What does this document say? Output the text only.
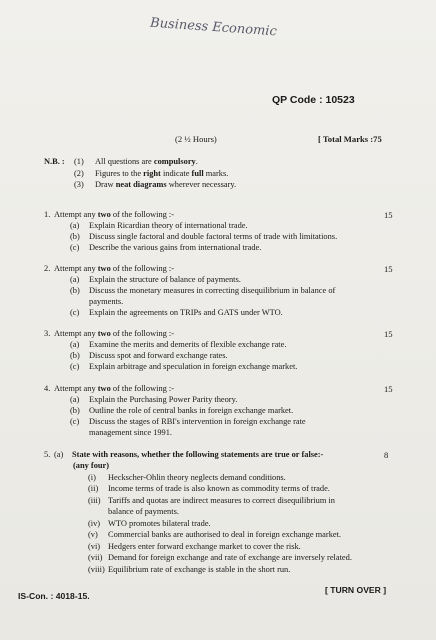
Business Economic
QP Code : 10523
(2 ½ Hours)	[ Total Marks :75
N.B. : (1) All questions are compulsory.
(2) Figures to the right indicate full marks.
(3) Draw neat diagrams wherever necessary.
1. Attempt any two of the following :-	15
(a) Explain Ricardian theory of international trade.
(b) Discuss single factoral and double factoral terms of trade with limitations.
(c) Describe the various gains from international trade.
2. Attempt any two of the following :-	15
(a) Explain the structure of balance of payments.
(b) Discuss the monetary measures in correcting disequilibrium in balance of
payments.
(c) Explain the agreements on TRIPs and GATS under WTO.
3. Attempt any two of the following :-	15
(a) Examine the merits and demerits of flexible exchange rate.
(b) Discuss spot and forward exchange rates.
(c) Explain arbitrage and speculation in foreign exchange market.
4. Attempt any two of the following :-	15
(a) Explain the Purchasing Power Parity theory.
(b) Outline the role of central banks in foreign exchange market.
(c) Discuss the stages of RBI's intervention in foreign exchange rate
management since 1991.
5. (a) State with reasons, whether the following statements are true or false:-	8
(any four)
(i) Heckscher-Ohlin theory neglects demand conditions.
(ii) Income terms of trade is also known as commodity terms of trade.
(iii) Tariffs and quotas are indirect measures to correct disequilibrium in
balance of payments.
(iv) WTO promotes bilateral trade.
(v) Commercial banks are authorised to deal in foreign exchange market.
(vi) Hedgers enter forward exchange market to cover the risk.
(vii) Demand for foreign exchange and rate of exchange are inversely related.
(viii) Equilibrium rate of exchange is stable in the short run.
IS-Con. : 4018-15.
[ TURN OVER ]
